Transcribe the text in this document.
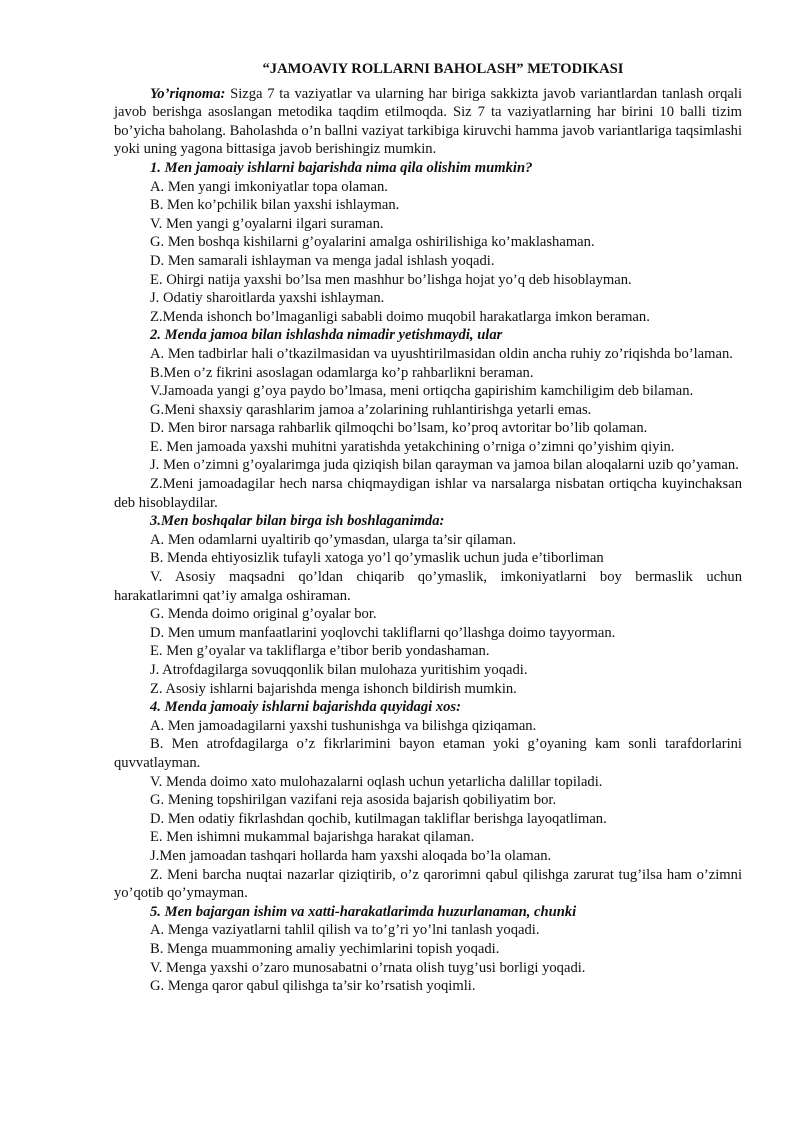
“JAMOAVIY ROLLARNI BAHOLASH” METODIKASI

Yo’riqnoma: Sizga 7 ta vaziyatlar va ularning har biriga sakkizta javob variantlardan tanlash orqali javob berishga asoslangan metodika taqdim etilmoqda. Siz 7 ta vaziyatlarning har birini 10 balli tizim bo’yicha baholang. Baholashda o’n ballni vaziyat tarkibiga kiruvchi hamma javob variantlariga taqsimlashi yoki uning yagona bittasiga javob berishingiz mumkin.

1. Men jamoaiy ishlarni bajarishda nima qila olishim mumkin?

A. Men yangi imkoniyatlar topa olaman.

B. Men ko’pchilik bilan yaxshi ishlayman.

V. Men yangi g’oyalarni ilgari suraman.

G. Men boshqa kishilarni g’oyalarini amalga oshirilishiga ko’maklashaman.

D. Men samarali ishlayman va menga jadal ishlash yoqadi.

E. Ohirgi natija yaxshi bo’lsa men mashhur bo’lishga hojat yo’q deb hisoblayman.

J. Odatiy sharoitlarda yaxshi ishlayman.

Z.Menda ishonch bo’lmaganligi sababli doimo muqobil harakatlarga imkon beraman.

2. Menda jamoa bilan ishlashda nimadir yetishmaydi, ular

A. Men tadbirlar hali o’tkazilmasidan va uyushtirilmasidan oldin ancha ruhiy zo’riqishda bo’laman.

B.Men o’z fikrini asoslagan odamlarga ko’p rahbarlikni beraman.

V.Jamoada yangi g’oya paydo bo’lmasa, meni ortiqcha gapirishim kamchiligim deb bilaman.

G.Meni shaxsiy qarashlarim jamoa a’zolarining ruhlantirishga yetarli emas.

D. Men biror narsaga rahbarlik qilmoqchi bo’lsam, ko’proq avtoritar bo’lib qolaman.

E. Men jamoada yaxshi muhitni yaratishda yetakchining o’rniga o’zimni qo’yishim qiyin.

J. Men o’zimni g’oyalarimga juda qiziqish bilan qarayman va jamoa bilan aloqalarni uzib qo’yaman.

Z.Meni jamoadagilar hech narsa chiqmaydigan ishlar va narsalarga nisbatan ortiqcha kuyinchaksan deb hisoblaydilar.

3.Men boshqalar bilan birga ish boshlaganimda:

A. Men odamlarni uyaltirib qo’ymasdan, ularga ta’sir qilaman.

B. Menda ehtiyosizlik tufayli xatoga yo’l qo’ymaslik uchun juda e’tiborliman

V. Asosiy maqsadni qo’ldan chiqarib qo’ymaslik, imkoniyatlarni boy bermaslik uchun harakatlarimni qat’iy amalga oshiraman.

G. Menda doimo original g’oyalar bor.

D. Men umum manfaatlarini yoqlovchi takliflarni qo’llashga doimo tayyorman.

E. Men g’oyalar va takliflarga e’tibor berib yondashaman.

J. Atrofdagilarga sovuqqonlik bilan mulohaza yuritishim yoqadi.

Z. Asosiy ishlarni bajarishda menga ishonch bildirish mumkin.

4. Menda jamoaiy ishlarni bajarishda quyidagi xos:

A. Men jamoadagilarni yaxshi tushunishga va bilishga qiziqaman.

B. Men atrofdagilarga o’z fikrlarimini bayon etaman yoki g’oyaning kam sonli tarafdorlarini quvvatlayman.

V. Menda doimo xato mulohazalarni oqlash uchun yetarlicha dalillar topiladi.

G. Mening topshirilgan vazifani reja asosida bajarish qobiliyatim bor.

D. Men odatiy fikrlashdan qochib, kutilmagan takliflar berishga layoqatliman.

E. Men ishimni mukammal bajarishga harakat qilaman.

J.Men jamoadan tashqari hollarda ham yaxshi aloqada bo’la olaman.

Z. Meni barcha nuqtai nazarlar qiziqtirib, o’z qarorimni qabul qilishga zarurat tug’ilsa ham o’zimni yo’qotib qo’ymayman.

5. Men bajargan ishim va xatti-harakatlarimda huzurlanaman, chunki

A. Menga vaziyatlarni tahlil qilish va to’g’ri yo’lni tanlash yoqadi.

B. Menga muammoning amaliy yechimlarini topish yoqadi.

V. Menga yaxshi o’zaro munosabatni o’rnata olish tuyg’usi borligi yoqadi.

G. Menga qaror qabul qilishga ta’sir ko’rsatish yoqimli.
